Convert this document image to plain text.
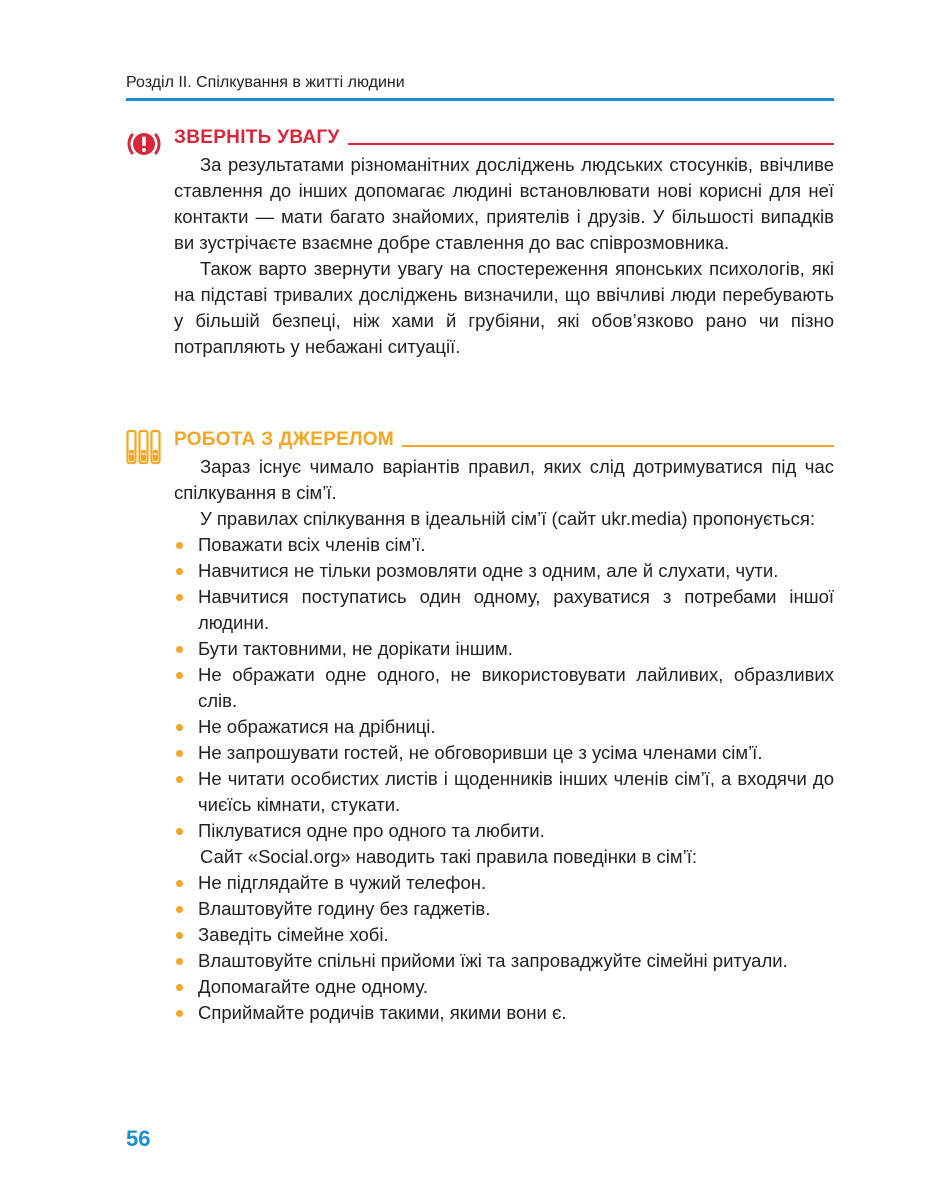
Розділ ІІ. Спілкування в житті людини
ЗВЕРНІТЬ УВАГУ

За результатами різноманітних досліджень людських стосунків, ввічливе ставлення до інших допомагає людині встановлювати нові корисні для неї контакти — мати багато знайомих, приятелів і друзів. У більшості випадків ви зустрічаєте взаємне добре ставлення до вас співрозмовника.

Також варто звернути увагу на спостереження японських психологів, які на підставі тривалих досліджень визначили, що ввічливі люди перебувають у більшій безпеці, ніж хами й грубіяни, які обов’язково рано чи пізно потрапляють у небажані ситуації.

РОБОТА З ДЖЕРЕЛОМ

Зараз існує чимало варіантів правил, яких слід дотримуватися під час спілкування в сім’ї.

У правилах спілкування в ідеальній сім’ї (сайт ukr.media) пропонується:

Поважати всіх членів сім’ї.
Навчитися не тільки розмовляти одне з одним, але й слухати, чути.
Навчитися поступатись один одному, рахуватися з потребами іншої людини.
Бути тактовними, не дорікати іншим.
Не ображати одне одного, не використовувати лайливих, образливих слів.
Не ображатися на дрібниці.
Не запрошувати гостей, не обговоривши це з усіма членами сім’ї.
Не читати особистих листів і щоденників інших членів сім’ї, а входячи до чиєїсь кімнати, стукати.
Піклуватися одне про одного та любити.

Сайт «Social.org» наводить такі правила поведінки в сім’ї:

Не підглядайте в чужий телефон.
Влаштовуйте годину без гаджетів.
Заведіть сімейне хобі.
Влаштовуйте спільні прийоми їжі та запроваджуйте сімейні ритуали.
Допомагайте одне одному.
Сприймайте родичів такими, якими вони є.
56
